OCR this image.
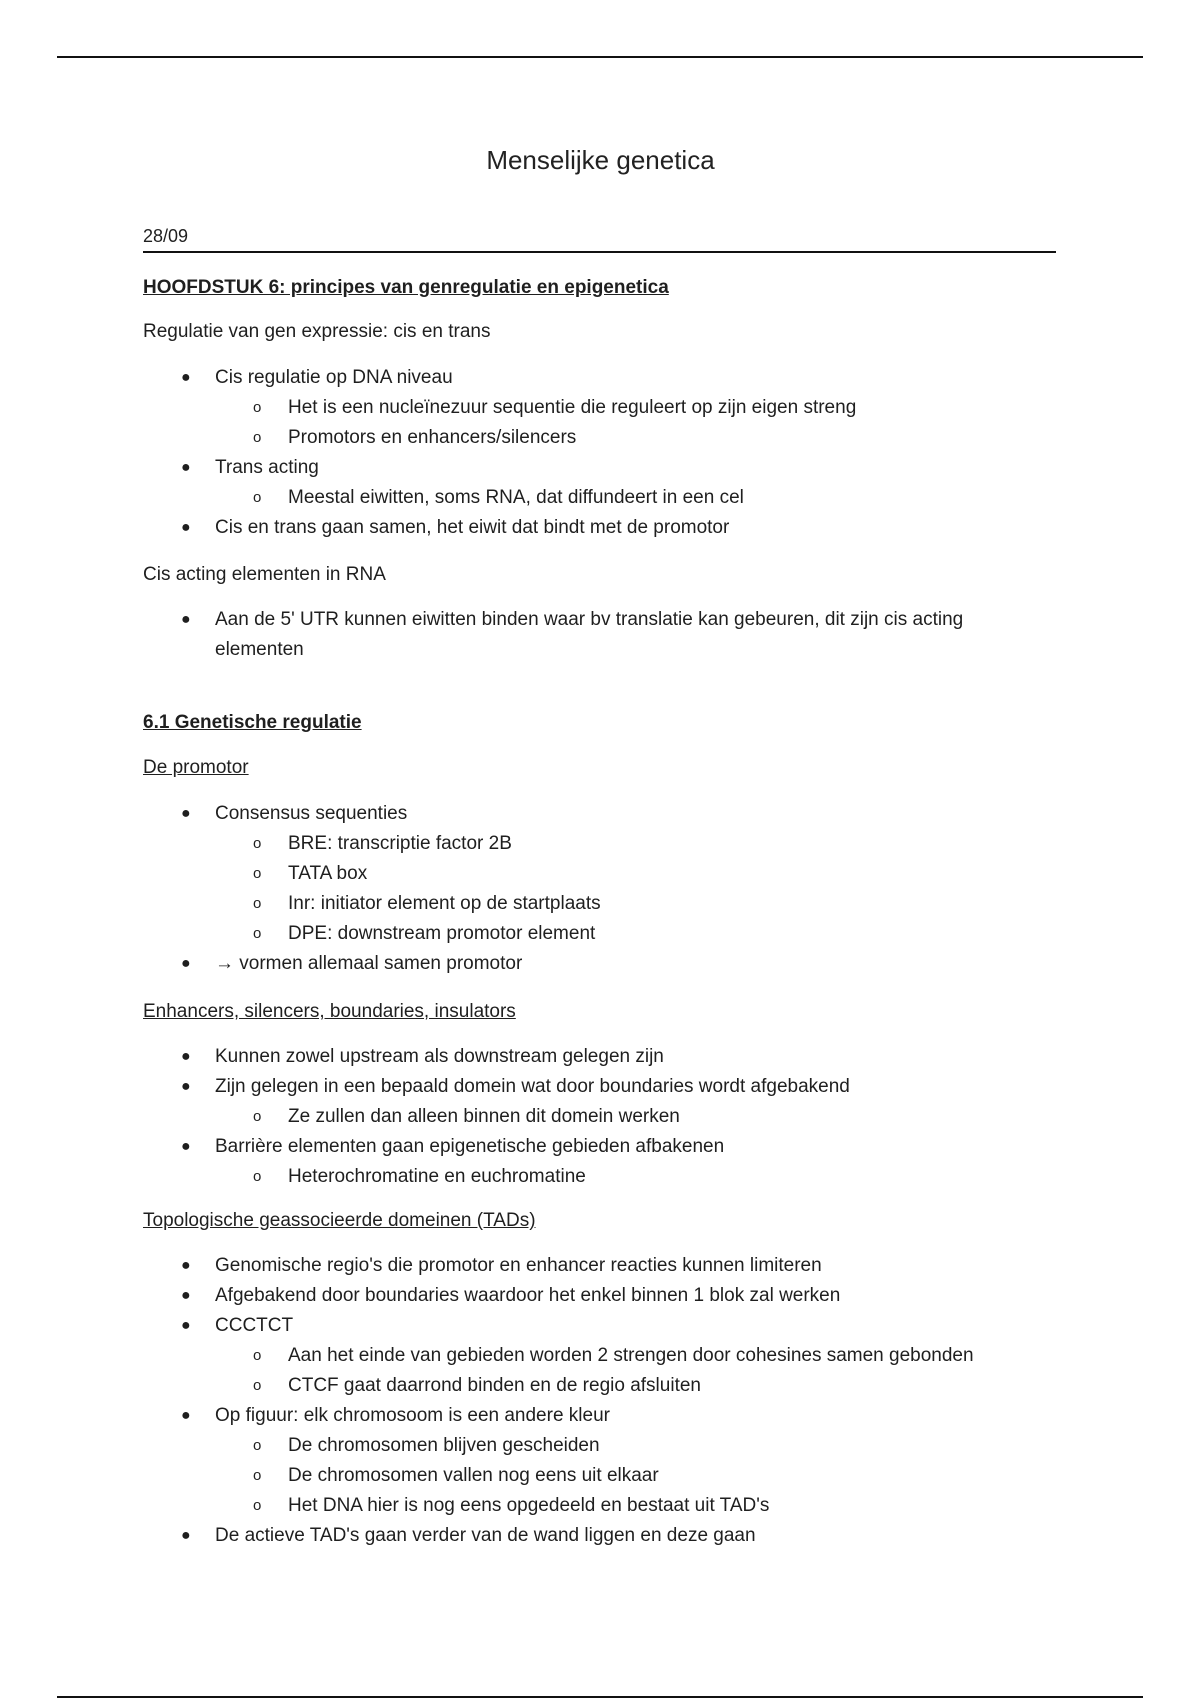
Menselijke genetica
28/09
HOOFDSTUK 6: principes van genregulatie en epigenetica
Regulatie van gen expressie: cis en trans
● Cis regulatie op DNA niveau
o Het is een nucleïnezuur sequentie die reguleert op zijn eigen streng
o Promotors en enhancers/silencers
● Trans acting
o Meestal eiwitten, soms RNA, dat diffundeert in een cel
● Cis en trans gaan samen, het eiwit dat bindt met de promotor
Cis acting elementen in RNA
● Aan de 5' UTR kunnen eiwitten binden waar bv translatie kan gebeuren, dit zijn cis acting elementen
6.1 Genetische regulatie
De promotor
● Consensus sequenties
o BRE: transcriptie factor 2B
o TATA box
o Inr: initiator element op de startplaats
o DPE: downstream promotor element
● → vormen allemaal samen promotor
Enhancers, silencers, boundaries, insulators
● Kunnen zowel upstream als downstream gelegen zijn
● Zijn gelegen in een bepaald domein wat door boundaries wordt afgebakend
o Ze zullen dan alleen binnen dit domein werken
● Barrière elementen gaan epigenetische gebieden afbakenen
o Heterochromatine en euchromatine
Topologische geassocieerde domeinen (TADs)
● Genomische regio's die promotor en enhancer reacties kunnen limiteren
● Afgebakend door boundaries waardoor het enkel binnen 1 blok zal werken
● CCCTCT
o Aan het einde van gebieden worden 2 strengen door cohesines samen gebonden
o CTCF gaat daarrond binden en de regio afsluiten
● Op figuur: elk chromosoom is een andere kleur
o De chromosomen blijven gescheiden
o De chromosomen vallen nog eens uit elkaar
o Het DNA hier is nog eens opgedeeld en bestaat uit TAD's
● De actieve TAD's gaan verder van de wand liggen en deze gaan
